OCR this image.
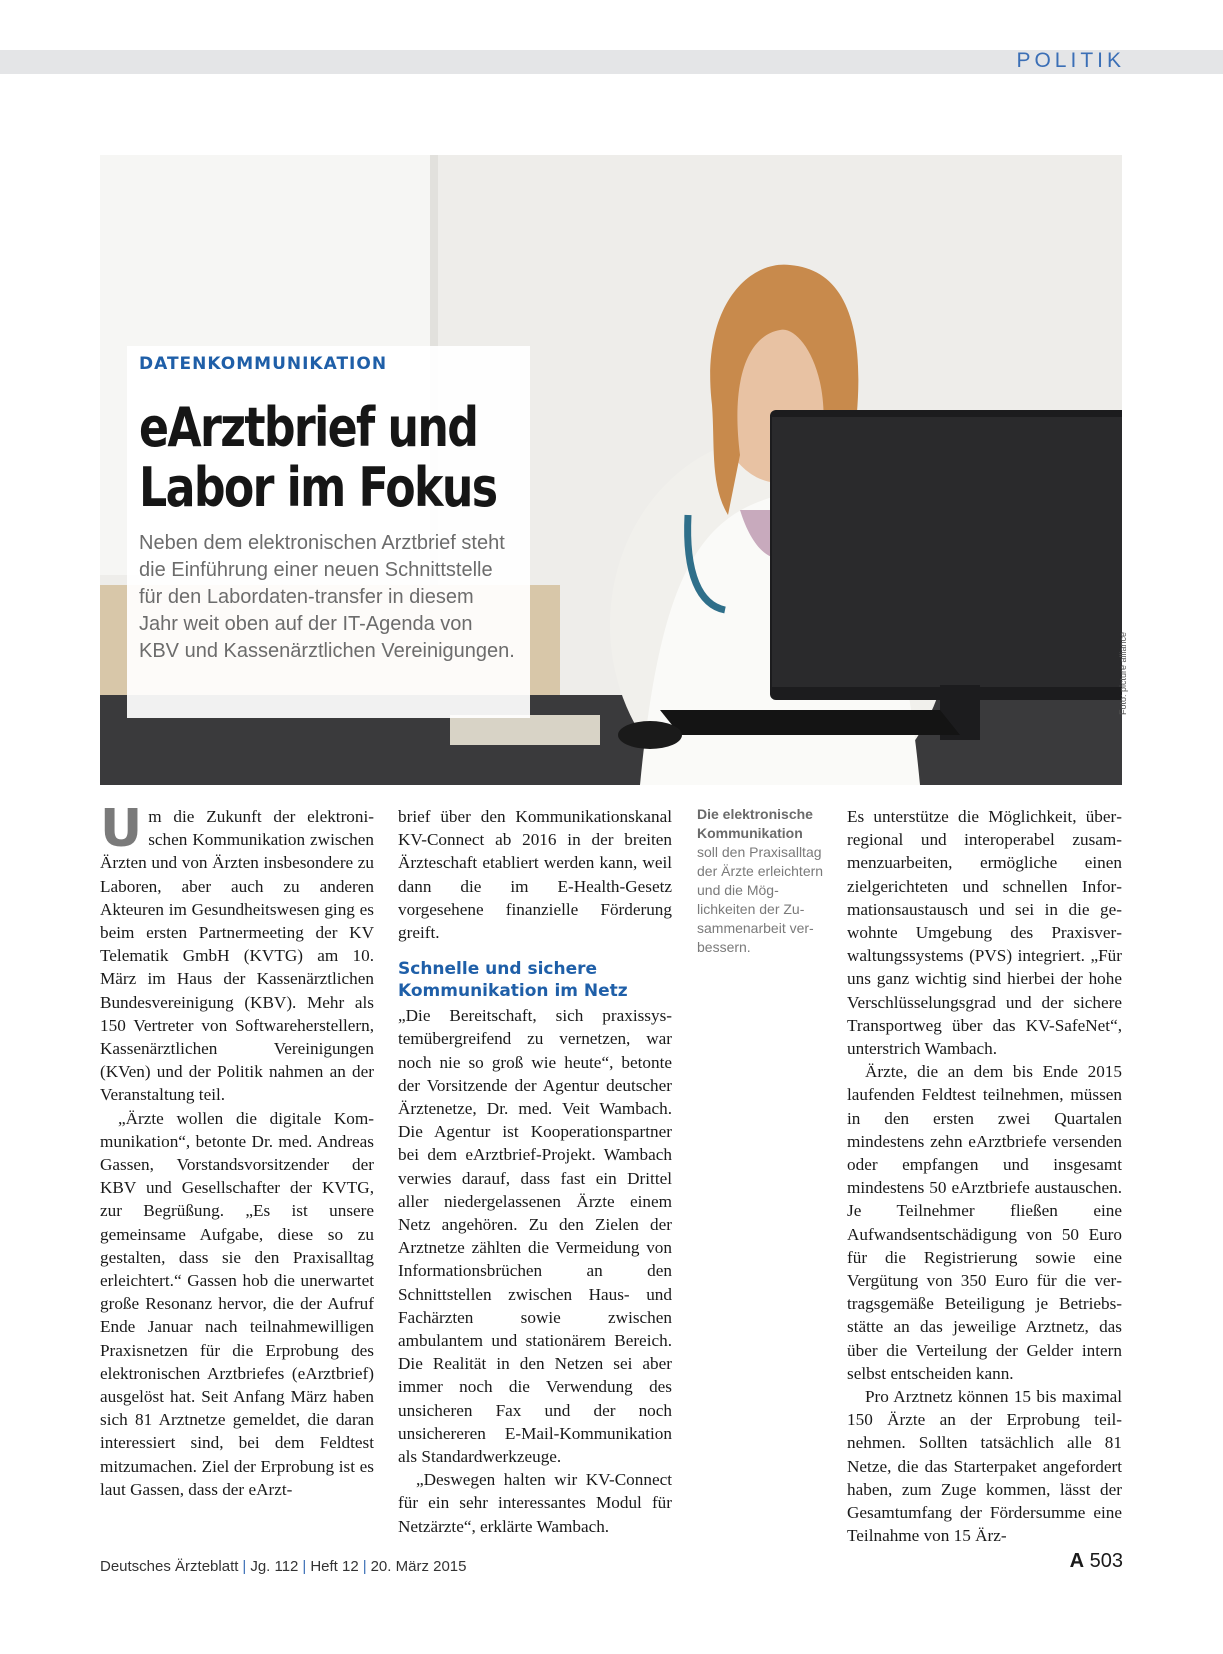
POLITIK
Foto: picture alliance
DATENKOMMUNIKATION
eArztbrief und
Labor im Fokus
Neben dem elektronischen Arztbrief steht die Einführung einer neuen Schnittstelle für den Labordaten-transfer in diesem Jahr weit oben auf der IT-Agenda von KBV und Kassenärztlichen Vereinigungen.

Um die Zukunft der elektronischen Kommunikation zwischen Ärzten und von Ärzten insbesondere zu Laboren, aber auch zu anderen Akteuren im Gesundheitswesen ging es beim ersten Partnermeeting der KV Telematik GmbH (KVTG) am 10. März im Haus der Kassenärztlichen Bundesvereinigung (KBV). Mehr als 150 Vertreter von Softwareherstellern, Kassenärztlichen Vereinigungen (KVen) und der Politik nahmen an der Veranstaltung teil.

„Ärzte wollen die digitale Kommunikation“, betonte Dr. med. Andreas Gassen, Vorstandsvorsitzender der KBV und Gesellschafter der KVTG, zur Begrüßung. „Es ist unsere gemeinsame Aufgabe, diese so zu gestalten, dass sie den Praxisalltag erleichtert.“ Gassen hob die unerwartet große Resonanz hervor, die der Aufruf Ende Januar nach teilnahmewilligen Praxisnetzen für die Erprobung des elektronischen Arztbriefes (eArztbrief) ausgelöst hat. Seit Anfang März haben sich 81 Arztnetze gemeldet, die daran interessiert sind, bei dem Feldtest mitzumachen. Ziel der Erprobung ist es laut Gassen, dass der eArzt-

brief über den Kommunikationskanal KV-Connect ab 2016 in der breiten Ärzteschaft etabliert werden kann, weil dann die im E-Health-Gesetz vorgesehene finanzielle Förderung greift.

Schnelle und sichere Kommunikation im Netz

„Die Bereitschaft, sich praxissystemübergreifend zu vernetzen, war noch nie so groß wie heute“, betonte der Vorsitzende der Agentur deutscher Ärztenetze, Dr. med. Veit Wambach. Die Agentur ist Kooperationspartner bei dem eArztbrief-Projekt. Wambach verwies darauf, dass fast ein Drittel aller niedergelassenen Ärzte einem Netz angehören. Zu den Zielen der Arztnetze zählten die Vermeidung von Informationsbrüchen an den Schnittstellen zwischen Haus- und Fachärzten sowie zwischen ambulantem und stationärem Bereich. Die Realität in den Netzen sei aber immer noch die Verwendung des unsicheren Fax und der noch unsichereren E-Mail-Kommunikation als Standardwerkzeuge.

„Deswegen halten wir KV-Connect für ein sehr interessantes Modul für Netzärzte“, erklärte Wambach.

Die elektronische Kommunikation soll den Praxisalltag der Ärzte erleichtern und die Möglichkeiten der Zusammenarbeit verbessern.

Es unterstütze die Möglichkeit, überregional und interoperabel zusammenzuarbeiten, ermögliche einen zielgerichteten und schnellen Informationsaustausch und sei in die gewohnte Umgebung des Praxisverwaltungssystems (PVS) integriert. „Für uns ganz wichtig sind hierbei der hohe Verschlüsselungsgrad und der sichere Transportweg über das KV-SafeNet“, unterstrich Wambach.

Ärzte, die an dem bis Ende 2015 laufenden Feldtest teilnehmen, müssen in den ersten zwei Quartalen mindestens zehn eArztbriefe versenden oder empfangen und insgesamt mindestens 50 eArztbriefe austauschen. Je Teilnehmer fließen eine Aufwandsentschädigung von 50 Euro für die Registrierung sowie eine Vergütung von 350 Euro für die vertragsgemäße Beteiligung je Betriebsstätte an das jeweilige Arztnetz, das über die Verteilung der Gelder intern selbst entscheiden kann.

Pro Arztnetz können 15 bis maximal 150 Ärzte an der Erprobung teilnehmen. Sollten tatsächlich alle 81 Netze, die das Starterpaket angefordert haben, zum Zuge kommen, lässt der Gesamtumfang der Fördersumme eine Teilnahme von 15 Ärz-

Deutsches Ärzteblatt | Jg. 112 | Heft 12 | 20. März 2015	A 503
